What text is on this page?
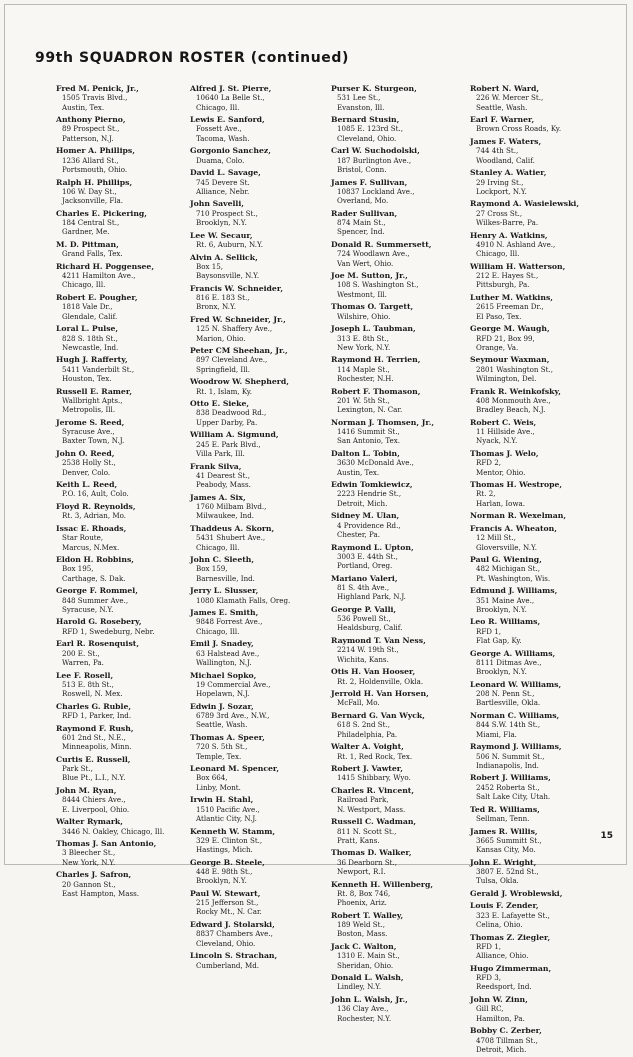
99th SQUADRON ROSTER (continued)
Fred M. Penick, Jr.,
1505 Travis Blvd.,
Austin, Tex.
Anthony Pierno,
89 Prospect St.,
Patterson, N.J.
Homer A. Phillips,
1236 Allard St.,
Portsmouth, Ohio.
Ralph H. Phillips,
106 W. Day St.,
Jacksonville, Fla.
Charles E. Pickering,
184 Central St.,
Gardner, Me.
M. D. Pittman,
Grand Falls, Tex.
Richard H. Poggensee,
4211 Hamilton Ave.,
Chicago, Ill.
Robert E. Pougher,
1818 Vale Dr.,
Glendale, Calif.
Loral L. Pulse,
828 S. 18th St.,
Newcastle, Ind.
Hugh J. Rafferty,
5411 Vanderbilt St.,
Houston, Tex.
Russell E. Ramer,
Wallbright Apts.,
Metropolis, Ill.
Jerome S. Reed,
Syracuse Ave.,
Baxter Town, N.J.
John O. Reed,
2538 Holly St.,
Denver, Colo.
Keith L. Reed,
P.O. 16, Ault, Colo.
Floyd R. Reynolds,
Rt. 3, Adrian, Mo.
Issac E. Rhoads,
Star Route,
Marcus, N.Mex.
Eldon H. Robbins,
Box 195,
Carthage, S. Dak.
George F. Rommel,
848 Summer Ave.,
Syracuse, N.Y.
Harold G. Rosebery,
RFD 1, Swedeburg, Nebr.
Earl R. Rosenquist,
200 E. St.,
Warren, Pa.
Lee F. Rosell,
513 E. 8th St.,
Roswell, N. Mex.
Charles G. Ruble,
RFD 1, Parker, Ind.
Raymond F. Rush,
601 2nd St., N.E.,
Minneapolis, Minn.
Curtis E. Russell,
Park St.,
Blue Pt., L.I., N.Y.
John M. Ryan,
8444 Chiers Ave.,
E. Liverpool, Ohio.
Walter Rymark,
3446 N. Oakley, Chicago, Ill.
Thomas J. San Antonio,
3 Bleecher St.,
New York, N.Y.
Charles J. Safron,
20 Gannon St.,
East Hampton, Mass.
Alfred J. St. Pierre,
10640 La Belle St.,
Chicago, Ill.
Lewis E. Sanford,
Fossett Ave.,
Tacoma, Wash.
Gorgonio Sanchez,
Duama, Colo.
David L. Savage,
745 Devere St.
Alliance, Nebr.
John Savelli,
710 Prospect St.,
Brooklyn, N.Y.
Lee W. Secaur,
Rt. 6, Auburn, N.Y.
Alvin A. Sellick,
Box 15,
Baysonsville, N.Y.
Francis W. Schneider,
816 E. 183 St.,
Bronx, N.Y.
Fred W. Schneider, Jr.,
125 N. Shaffery Ave.,
Marion, Ohio.
Peter CM Sheehan, Jr.,
897 Cleveland Ave.,
Springfield, Ill.
Woodrow W. Shepherd,
Rt. 1, Islam, Ky.
Otto E. Sieke,
838 Deadwood Rd.,
Upper Darby, Pa.
William A. Sigmund,
245 E. Park Blvd.,
Villa Park, Ill.
Frank Silva,
41 Dearest St.,
Peabody, Mass.
James A. Six,
1760 Milbam Blvd.,
Milwaukee, Ind.
Thaddeus A. Skorn,
5431 Shubert Ave.,
Chicago, Ill.
John C. Sleeth,
Box 159,
Barnesville, Ind.
Jerry L. Slusser,
1080 Klamath Falls, Oreg.
James E. Smith,
9848 Forrest Ave.,
Chicago, Ill.
Emil J. Snadey,
63 Halstead Ave.,
Wallington, N.J.
Michael Sopko,
19 Commercial Ave.,
Hopelawn, N.J.
Edwin J. Sozar,
6789 3rd Ave., N.W.,
Seattle, Wash.
Thomas A. Speer,
720 S. 5th St.,
Temple, Tex.
Leonard M. Spencer,
Box 664,
Linby, Mont.
Irwin H. Stahl,
1510 Pacific Ave.,
Atlantic City, N.J.
Kenneth W. Stamm,
329 E. Clinton St.,
Hastings, Mich.
George B. Steele,
448 E. 98th St.,
Brooklyn, N.Y.
Paul W. Stewart,
215 Jefferson St.,
Rocky Mt., N. Car.
Edward J. Stolarski,
8837 Chambers Ave.,
Cleveland, Ohio.
Lincoln S. Strachan,
Cumberland, Md.
Purser K. Sturgeon,
531 Lee St.,
Evanston, Ill.
Bernard Stusin,
1085 E. 123rd St.,
Cleveland, Ohio.
Carl W. Suchodolski,
187 Burlington Ave.,
Bristol, Conn.
James F. Sullivan,
10837 Lockland Ave.,
Overland, Mo.
Rader Sullivan,
874 Main St.,
Spencer, Ind.
Donald R. Summersett,
724 Woodlawn Ave.,
Van Wert, Ohio.
Joe M. Sutton, Jr.,
108 S. Washington St.,
Westmont, Ill.
Thomas O. Targett,
Wilshire, Ohio.
Joseph L. Taubman,
313 E. 8th St.,
New York, N.Y.
Raymond H. Terrien,
114 Maple St.,
Rochester, N.H.
Robert F. Thomason,
201 W. 5th St.,
Lexington, N. Car.
Norman J. Thomsen, Jr.,
1416 Summit St.,
San Antonio, Tex.
Dalton L. Tobin,
3630 McDonald Ave.,
Austin, Tex.
Edwin Tomkiewicz,
2223 Hendrie St.,
Detroit, Mich.
Sidney M. Ulan,
4 Providence Rd.,
Chester, Pa.
Raymond L. Upton,
3003 E. 44th St.,
Portland, Oreg.
Mariano Valeri,
81 S. 4th Ave.,
Highland Park, N.J.
George P. Valli,
536 Powell St.,
Healdsburg, Calif.
Raymond T. Van Ness,
2214 W. 19th St.,
Wichita, Kans.
Otis H. Van Hooser,
Rt. 2, Holdenville, Okla.
Jerrold H. Van Horsen,
McFall, Mo.
Bernard G. Van Wyck,
618 S. 2nd St.,
Philadelphia, Pa.
Walter A. Voight,
Rt. 1, Red Rock, Tex.
Robert J. Vawter,
1415 Shibbary, Wyo.
Charles R. Vincent,
Railroad Park,
N. Westport, Mass.
Russell C. Wadman,
811 N. Scott St.,
Pratt, Kans.
Thomas D. Walker,
36 Dearborn St.,
Newport, R.I.
Kenneth H. Willenberg,
Rt. 8, Box 746,
Phoenix, Ariz.
Robert T. Walley,
189 Weld St.,
Boston, Mass.
Jack C. Walton,
1310 E. Main St.,
Sheridan, Ohio.
Donald L. Walsh,
Lindley, N.Y.
John L. Walsh, Jr.,
136 Clay Ave.,
Rochester, N.Y.
Robert N. Ward,
226 W. Mercer St.,
Seattle, Wash.
Earl F. Warner,
Brown Cross Roads, Ky.
James F. Waters,
744 4th St.,
Woodland, Calif.
Stanley A. Watier,
29 Irving St.,
Lockport, N.Y.
Raymond A. Wasielewski,
27 Cross St.,
Wilkes-Barre, Pa.
Henry A. Watkins,
4910 N. Ashland Ave.,
Chicago, Ill.
William H. Watterson,
212 E. Hayes St.,
Pittsburgh, Pa.
Luther M. Watkins,
2615 Freeman Dr.,
El Paso, Tex.
George M. Waugh,
RFD 21, Box 99,
Orange, Va.
Seymour Waxman,
2801 Washington St.,
Wilmington, Del.
Frank R. Weinkofsky,
408 Monmouth Ave.,
Bradley Beach, N.J.
Robert C. Weis,
11 Hillside Ave.,
Nyack, N.Y.
Thomas J. Welo,
RFD 2,
Mentor, Ohio.
Thomas H. Westrope,
Rt. 2,
Harlan, Iowa.
Norman R. Wexelman,
Francis A. Wheaton,
12 Mill St.,
Gloversville, N.Y.
Paul G. Wiening,
482 Michigan St.,
Pt. Washington, Wis.
Edmund J. Williams,
351 Maine Ave.,
Brooklyn, N.Y.
Leo R. Williams,
RFD 1,
Flat Gap, Ky.
George A. Williams,
8111 Ditmas Ave.,
Brooklyn, N.Y.
Leonard W. Williams,
208 N. Penn St.,
Bartlesville, Okla.
Norman C. Williams,
844 S.W. 14th St.,
Miami, Fla.
Raymond J. Williams,
506 N. Summit St.,
Indianapolis, Ind.
Robert J. Williams,
2452 Roberta St.,
Salt Lake City, Utah.
Ted R. Williams,
Sellman, Tenn.
James R. Willis,
3665 Summitt St.,
Kansas City, Mo.
John E. Wright,
3807 E. 52nd St.,
Tulsa, Okla.
Gerald J. Wroblewski,
Louis F. Zender,
323 E. Lafayette St.,
Celina, Ohio.
Thomas Z. Ziegler,
RFD 1,
Alliance, Ohio.
Hugo Zimmerman,
RFD 3,
Reedsport, Ind.
John W. Zinn,
Gill RC,
Hamilton, Pa.
Bobby C. Zerber,
4708 Tillman St.,
Detroit, Mich.
15
